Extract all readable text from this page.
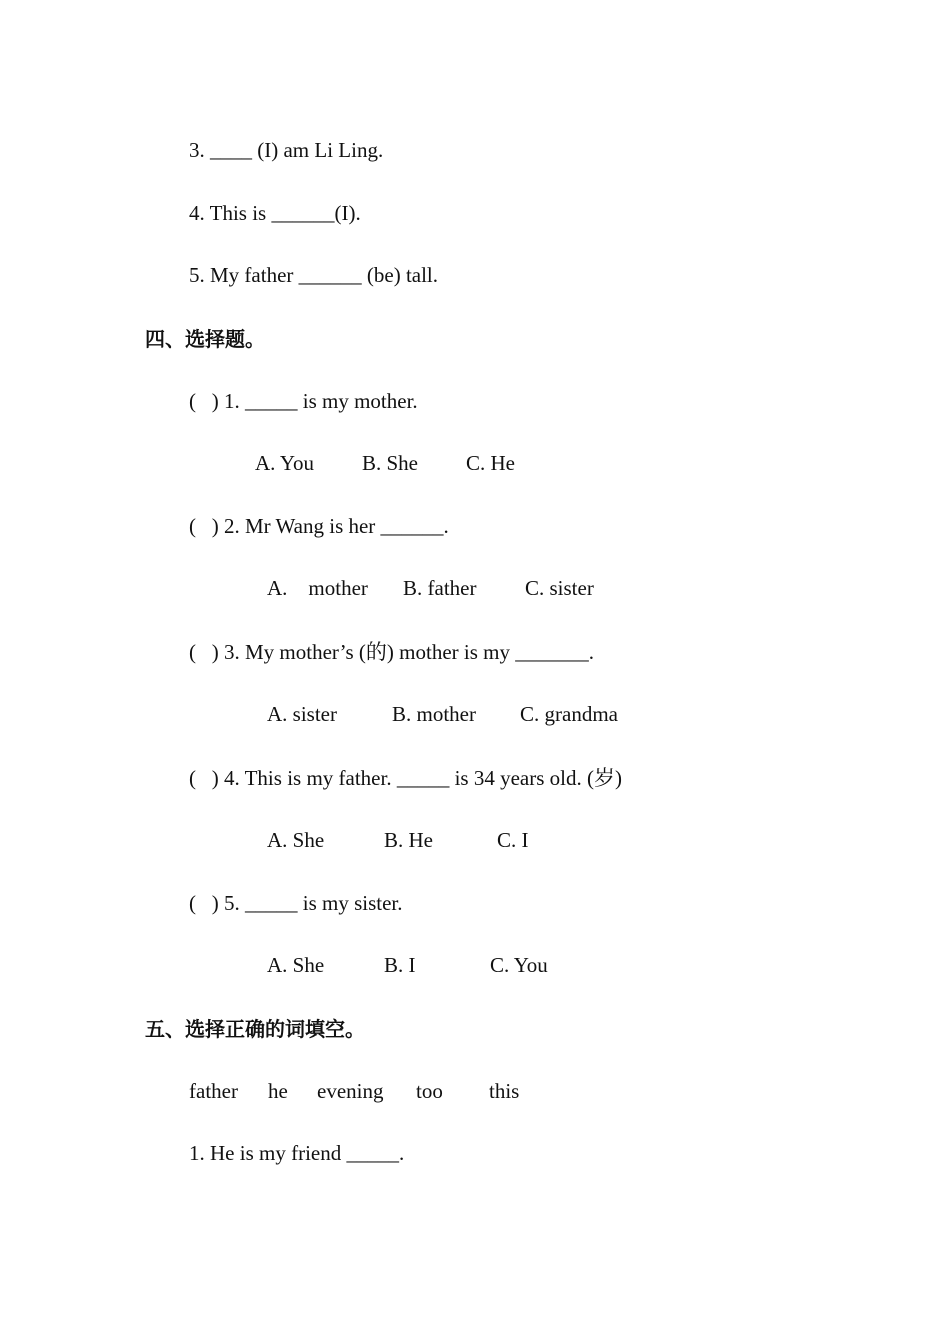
3. ____ (I) am Li Ling.
4. This is ______(I).
5. My father ______ (be) tall.
四、选择题。
(   ) 1. _____ is my mother.
A. You B. She C. He
(   ) 2. Mr Wang is her ______.
A.    mother B. father C. sister
(   ) 3. My mother’s (的) mother is my _______.
A. sister	B. mother C. grandma
(   ) 4. This is my father. _____ is 34 years old. (岁)
A. She	B. He	C. I
(   ) 5. _____ is my sister.
A. She	B. I	C. You
五、选择正确的词填空。
father he evening too this
1. He is my friend _____.
